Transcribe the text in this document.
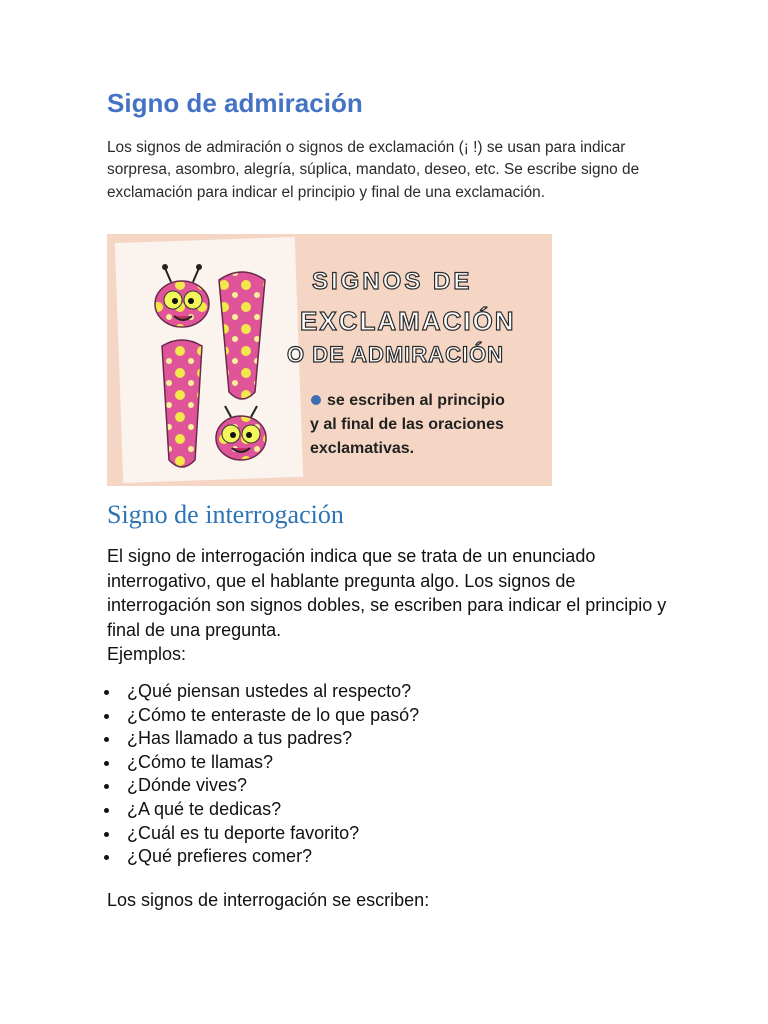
Signo de admiración

Los signos de admiración o signos de exclamación (¡ !) se usan para indicar sorpresa, asombro, alegría, súplica, mandato, deseo, etc. Se escribe signo de exclamación para indicar el principio y final de una exclamación.

SIGNOS DE
EXCLAMACIÓN
O DE ADMIRACIÓN
se escriben al principio
y al final de las oraciones
exclamativas.
Signo de interrogación

El signo de interrogación indica que se trata de un enunciado interrogativo, que el hablante pregunta algo. Los signos de interrogación son signos dobles, se escriben para indicar el principio y final de una pregunta.
Ejemplos:

¿Qué piensan ustedes al respecto?
¿Cómo te enteraste de lo que pasó?
¿Has llamado a tus padres?
¿Cómo te llamas?
¿Dónde vives?
¿A qué te dedicas?
¿Cuál es tu deporte favorito?
¿Qué prefieres comer?

Los signos de interrogación se escriben:
